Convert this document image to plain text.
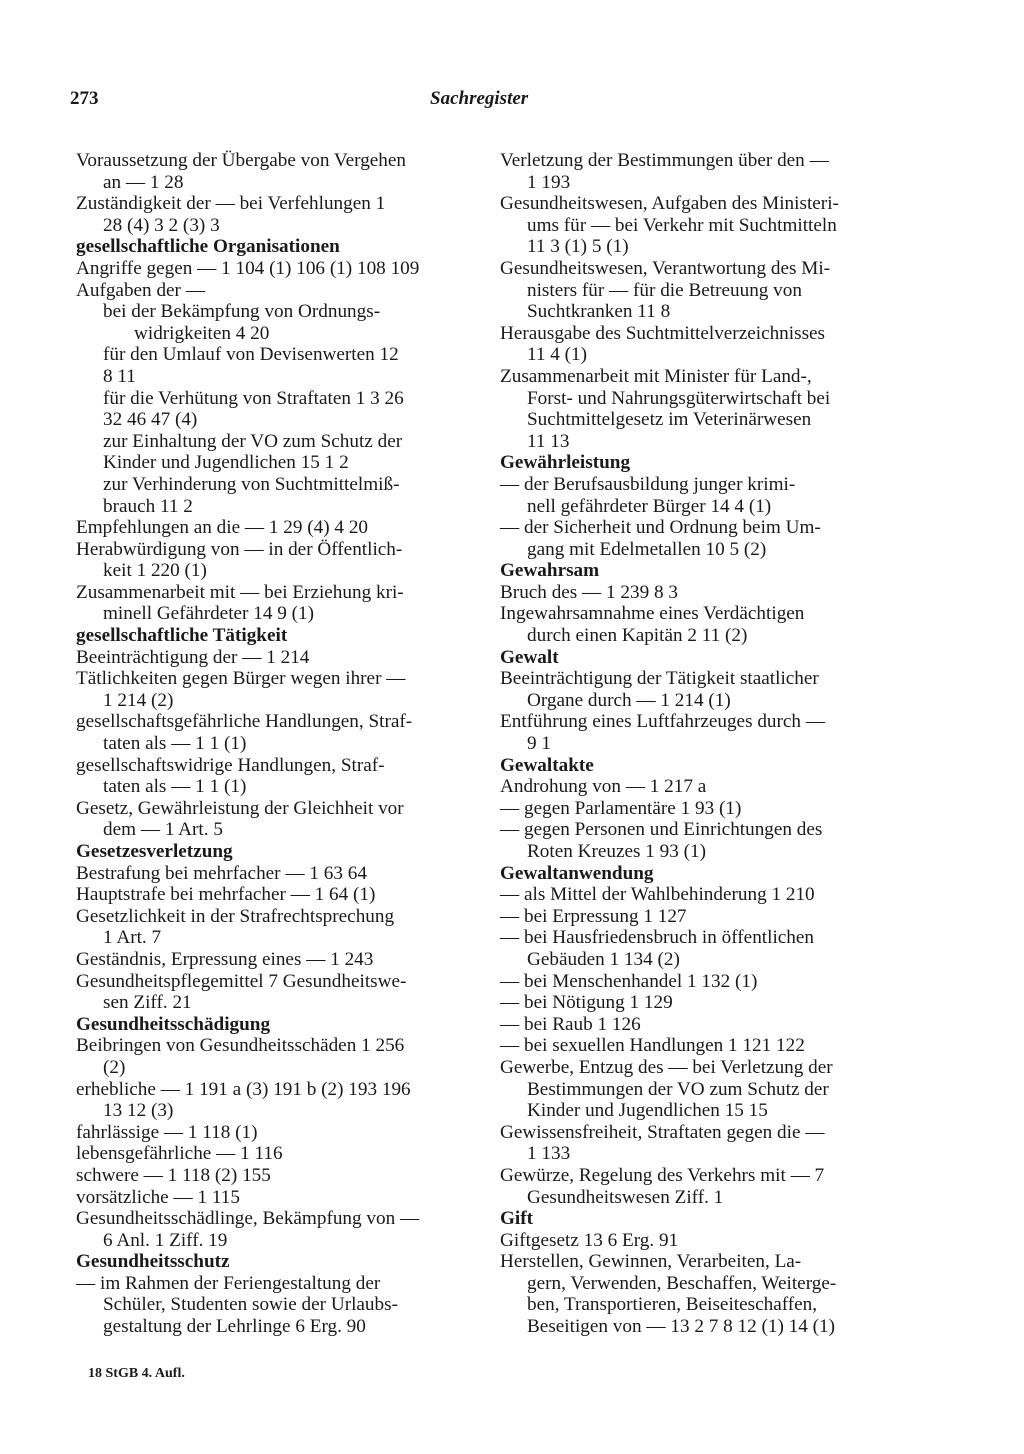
273	Sachregister
Voraussetzung der Übergabe von Vergehen
an — 1 28
Zuständigkeit der — bei Verfehlungen 1
28 (4) 3 2 (3) 3
gesellschaftliche Organisationen
Angriffe gegen — 1 104 (1) 106 (1) 108 109
Aufgaben der —
bei der Bekämpfung von Ordnungs-
widrigkeiten 4 20
für den Umlauf von Devisenwerten 12
8 11
für die Verhütung von Straftaten 1 3 26
32 46 47 (4)
zur Einhaltung der VO zum Schutz der
Kinder und Jugendlichen 15 1 2
zur Verhinderung von Suchtmittelmiß-
brauch 11 2
Empfehlungen an die — 1 29 (4) 4 20
Herabwürdigung von — in der Öffentlich-
keit 1 220 (1)
Zusammenarbeit mit — bei Erziehung kri-
minell Gefährdeter 14 9 (1)
gesellschaftliche Tätigkeit
Beeinträchtigung der — 1 214
Tätlichkeiten gegen Bürger wegen ihrer —
1 214 (2)
gesellschaftsgefährliche Handlungen, Straf-
taten als — 1 1 (1)
gesellschaftswidrige Handlungen, Straf-
taten als — 1 1 (1)
Gesetz, Gewährleistung der Gleichheit vor
dem — 1 Art. 5
Gesetzesverletzung
Bestrafung bei mehrfacher — 1 63 64
Hauptstrafe bei mehrfacher — 1 64 (1)
Gesetzlichkeit in der Strafrechtsprechung
1 Art. 7
Geständnis, Erpressung eines — 1 243
Gesundheitspflegemittel 7 Gesundheitswe-
sen Ziff. 21
Gesundheitsschädigung
Beibringen von Gesundheitsschäden 1 256
(2)
erhebliche — 1 191 a (3) 191 b (2) 193 196
13 12 (3)
fahrlässige — 1 118 (1)
lebensgefährliche — 1 116
schwere — 1 118 (2) 155
vorsätzliche — 1 115
Gesundheitsschädlinge, Bekämpfung von —
6 Anl. 1 Ziff. 19
Gesundheitsschutz
— im Rahmen der Feriengestaltung der
Schüler, Studenten sowie der Urlaubs-
gestaltung der Lehrlinge 6 Erg. 90
Verletzung der Bestimmungen über den —
1 193
Gesundheitswesen, Aufgaben des Ministeri-
ums für — bei Verkehr mit Suchtmitteln
11 3 (1) 5 (1)
Gesundheitswesen, Verantwortung des Mi-
nisters für — für die Betreuung von
Suchtkranken 11 8
Herausgabe des Suchtmittelverzeichnisses
11 4 (1)
Zusammenarbeit mit Minister für Land-,
Forst- und Nahrungsgüterwirtschaft bei
Suchtmittelgesetz im Veterinärwesen
11 13
Gewährleistung
— der Berufsausbildung junger krimi-
nell gefährdeter Bürger 14 4 (1)
— der Sicherheit und Ordnung beim Um-
gang mit Edelmetallen 10 5 (2)
Gewahrsam
Bruch des — 1 239 8 3
Ingewahrsamnahme eines Verdächtigen
durch einen Kapitän 2 11 (2)
Gewalt
Beeinträchtigung der Tätigkeit staatlicher
Organe durch — 1 214 (1)
Entführung eines Luftfahrzeuges durch —
9 1
Gewaltakte
Androhung von — 1 217 a
— gegen Parlamentäre 1 93 (1)
— gegen Personen und Einrichtungen des
Roten Kreuzes 1 93 (1)
Gewaltanwendung
— als Mittel der Wahlbehinderung 1 210
— bei Erpressung 1 127
— bei Hausfriedensbruch in öffentlichen
Gebäuden 1 134 (2)
— bei Menschenhandel 1 132 (1)
— bei Nötigung 1 129
— bei Raub 1 126
— bei sexuellen Handlungen 1 121 122
Gewerbe, Entzug des — bei Verletzung der
Bestimmungen der VO zum Schutz der
Kinder und Jugendlichen 15 15
Gewissensfreiheit, Straftaten gegen die —
1 133
Gewürze, Regelung des Verkehrs mit — 7
Gesundheitswesen Ziff. 1
Gift
Giftgesetz 13 6 Erg. 91
Herstellen, Gewinnen, Verarbeiten, La-
gern, Verwenden, Beschaffen, Weiterge-
ben, Transportieren, Beiseiteschaffen,
Beseitigen von — 13 2 7 8 12 (1) 14 (1)
18 StGB 4. Aufl.
